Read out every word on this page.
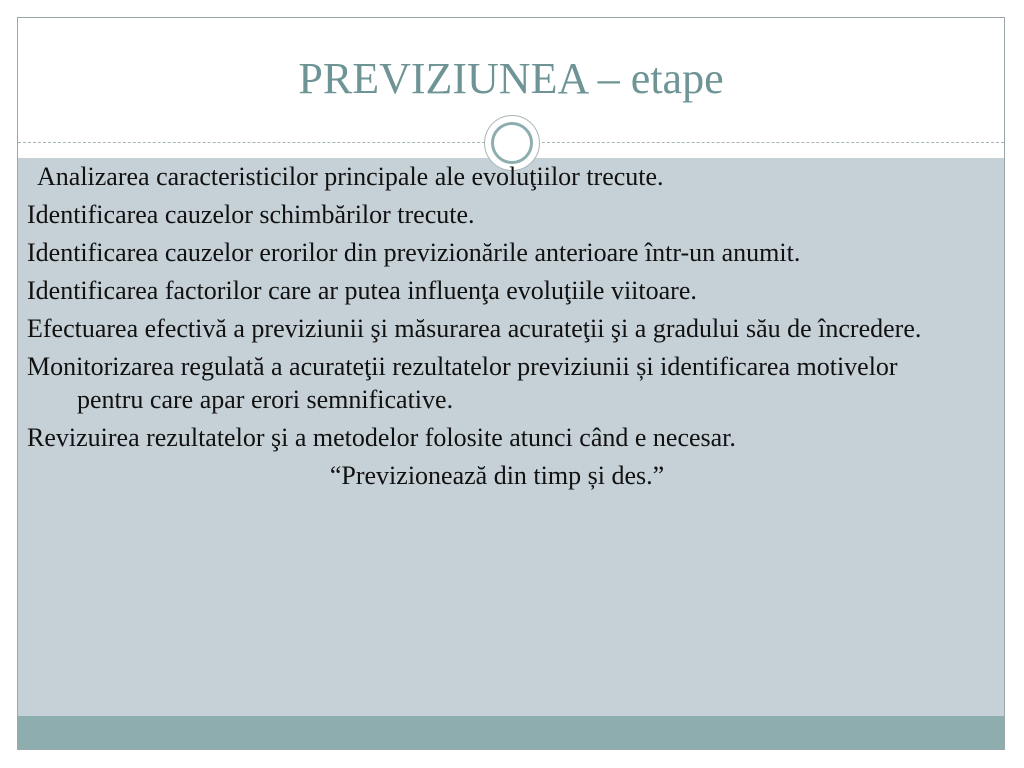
PREVIZIUNEA – etape

Analizarea caracteristicilor principale ale evoluţiilor trecute.

Identificarea cauzelor schimbărilor trecute.

Identificarea cauzelor erorilor din previzionările anterioare într-un anumit.

Identificarea factorilor care ar putea influenţa evoluţiile viitoare.

Efectuarea efectivă a previziunii şi măsurarea acurateţii şi a gradului său de încredere.

Monitorizarea regulată a acurateţii rezultatelor previziunii și identificarea motivelor pentru care apar erori semnificative.

Revizuirea rezultatelor şi a metodelor folosite atunci când e necesar.

“Previzionează din timp și des.”
